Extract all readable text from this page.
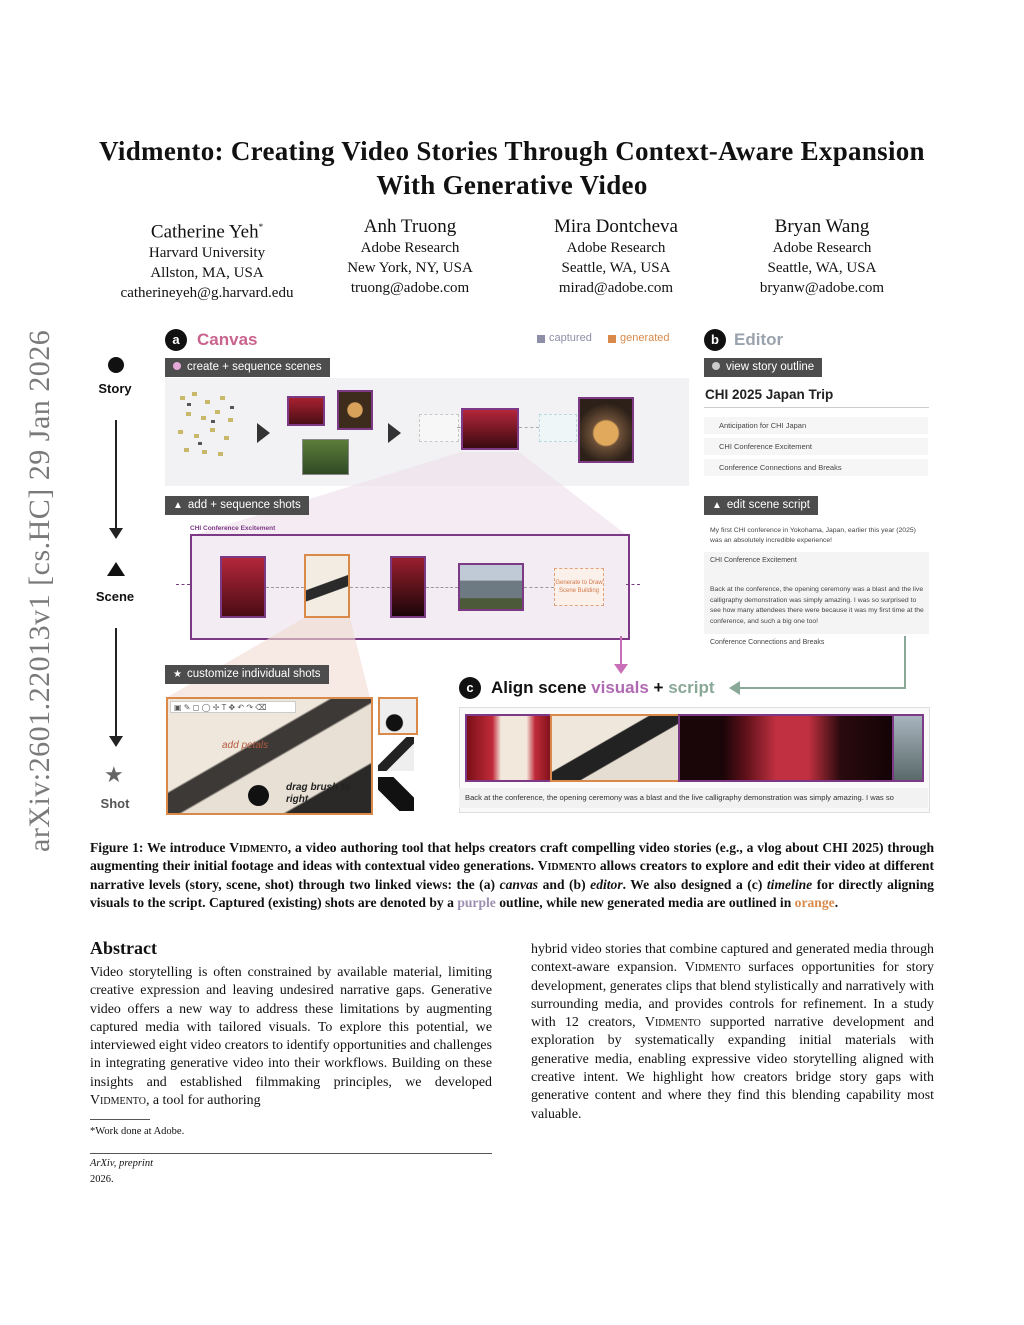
arXiv:2601.22013v1 [cs.HC] 29 Jan 2026
Vidmento: Creating Video Stories Through Context-Aware Expansion With Generative Video
Catherine Yeh*
Harvard University
Allston, MA, USA
catherineyeh@g.harvard.edu
Anh Truong
Adobe Research
New York, NY, USA
truong@adobe.com
Mira Dontcheva
Adobe Research
Seattle, WA, USA
mirad@adobe.com
Bryan Wang
Adobe Research
Seattle, WA, USA
bryanw@adobe.com
Story
Scene
★
Shot
a	Canvas	captured	generated
create + sequence scenes
▲ add + sequence shots
CHI Conference Excitement
Generate to Draw Scene Building
★ customize individual shots
▣ ✎ ◻ ◯ ✢ T ✥ ↶ ↷ ⌫
add petals
drag brush to right
b Editor
view story outline
CHI 2025 Japan Trip
Anticipation for CHI Japan
CHI Conference Excitement
Conference Connections and Breaks
▲ edit scene script
My first CHI conference in Yokohama, Japan, earlier this year (2025) was an absolutely incredible experience!
CHI Conference Excitement
Back at the conference, the opening ceremony was a blast and the live calligraphy demonstration was simply amazing. I was so surprised to see how many attendees there were because it was my first time at the conference, and such a big one too!
Conference Connections and Breaks
c	Align scene visuals + script
Back at the conference, the opening ceremony was a blast and the live calligraphy demonstration was simply amazing. I was so
Figure 1: We introduce Vidmento, a video authoring tool that helps creators craft compelling video stories (e.g., a vlog about CHI 2025) through augmenting their initial footage and ideas with contextual video generations. Vidmento allows creators to explore and edit their video at different narrative levels (story, scene, shot) through two linked views: the (a) canvas and (b) editor. We also designed a (c) timeline for directly aligning visuals to the script. Captured (existing) shots are denoted by a purple outline, while new generated media are outlined in orange.
Abstract
Video storytelling is often constrained by available material, limiting creative expression and leaving undesired narrative gaps. Generative video offers a new way to address these limitations by augmenting captured media with tailored visuals. To explore this potential, we interviewed eight video creators to identify opportunities and challenges in integrating generative video into their workflows. Building on these insights and established filmmaking principles, we developed Vidmento, a tool for authoring
hybrid video stories that combine captured and generated media through context-aware expansion. Vidmento surfaces opportunities for story development, generates clips that blend stylistically and narratively with surrounding media, and provides controls for refinement. In a study with 12 creators, Vidmento supported narrative development and exploration by systematically expanding initial materials with generative media, enabling expressive video storytelling aligned with creative intent. We highlight how creators bridge story gaps with generative content and where they find this blending capability most valuable.
*Work done at Adobe.
ArXiv, preprint
2026.
